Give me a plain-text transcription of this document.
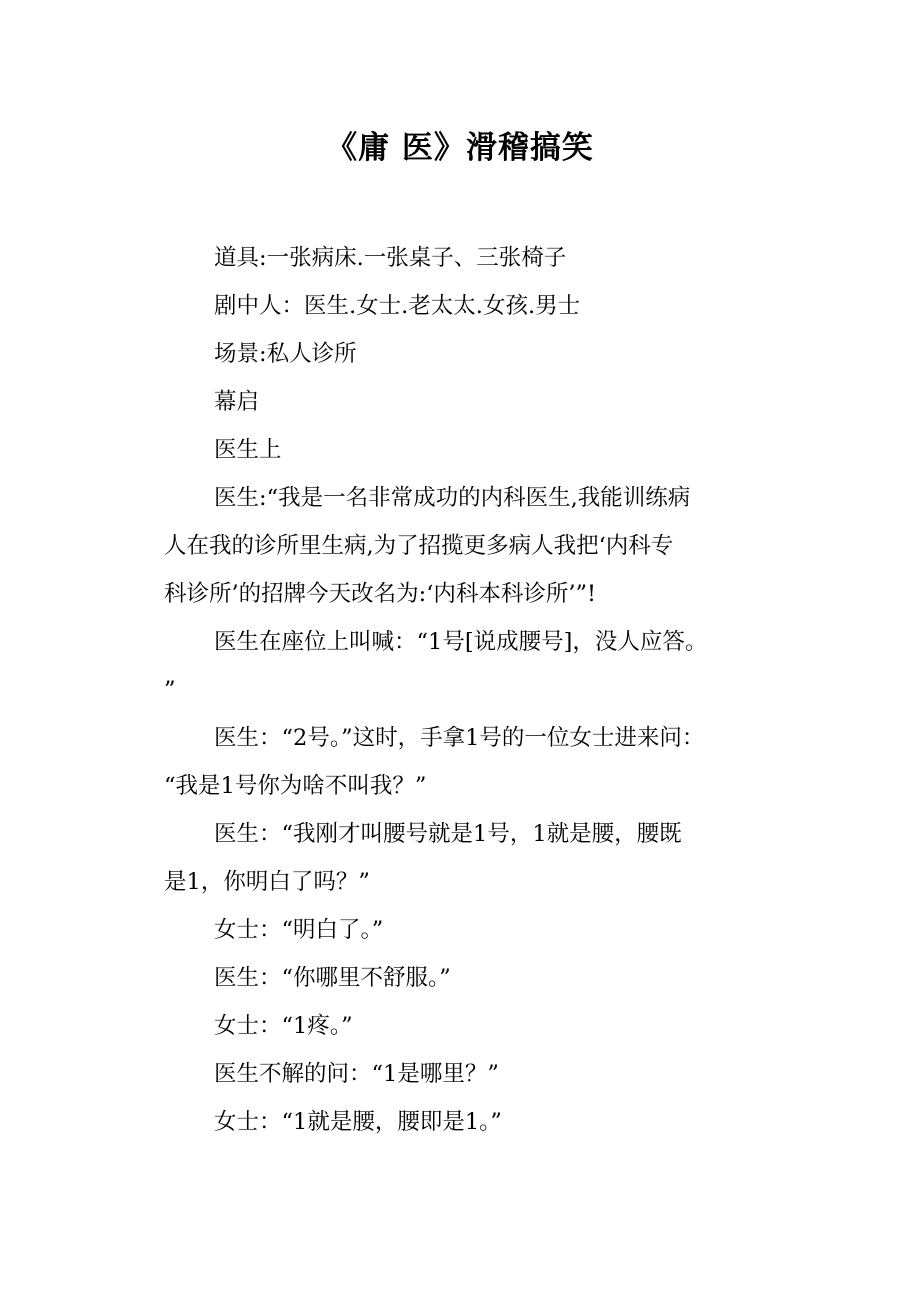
《庸 医》滑稽搞笑

道具:一张病床.一张桌子、三张椅子

剧中人：医生.女士.老太太.女孩.男士

场景:私人诊所

幕启

医生上

医生:“我是一名非常成功的内科医生,我能训练病

人在我的诊所里生病,为了招揽更多病人我把‘内科专

科诊所’的招牌今天改名为:‘内科本科诊所’”!

医生在座位上叫喊：“1号[说成腰号]，没人应答。

”

医生：“2号。”这时，手拿1号的一位女士进来问：

“我是1号你为啥不叫我？”

医生：“我刚才叫腰号就是1号，1就是腰，腰既

是1，你明白了吗？”

女士：“明白了。”

医生：“你哪里不舒服。”

女士：“1疼。”

医生不解的问：“1是哪里？”

女士：“1就是腰，腰即是1。”
